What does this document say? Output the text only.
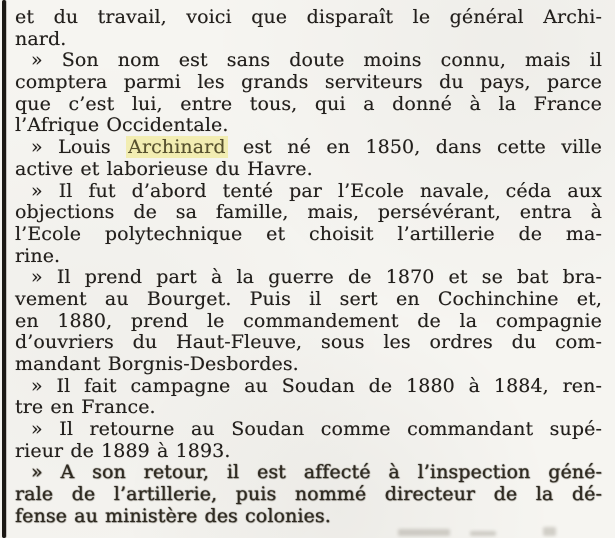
et du travail, voici que disparaît le général Archi-
nard.
» Son nom est sans doute moins connu, mais il
comptera parmi les grands serviteurs du pays, parce
que c’est lui, entre tous, qui a donné à la France
l’Afrique Occidentale.
» Louis Archinard est né en 1850, dans cette ville
active et laborieuse du Havre.
» Il fut d’abord tenté par l’Ecole navale, céda aux
objections de sa famille, mais, persévérant, entra à
l’Ecole polytechnique et choisit l’artillerie de ma-
rine.
» Il prend part à la guerre de 1870 et se bat bra-
vement au Bourget. Puis il sert en Cochinchine et,
en 1880, prend le commandement de la compagnie
d’ouvriers du Haut-Fleuve, sous les ordres du com-
mandant Borgnis-Desbordes.
» Il fait campagne au Soudan de 1880 à 1884, ren-
tre en France.
» Il retourne au Soudan comme commandant supé-
rieur de 1889 à 1893.
» A son retour, il est affecté à l’inspection géné-
rale de l’artillerie, puis nommé directeur de la dé-
fense au ministère des colonies.
